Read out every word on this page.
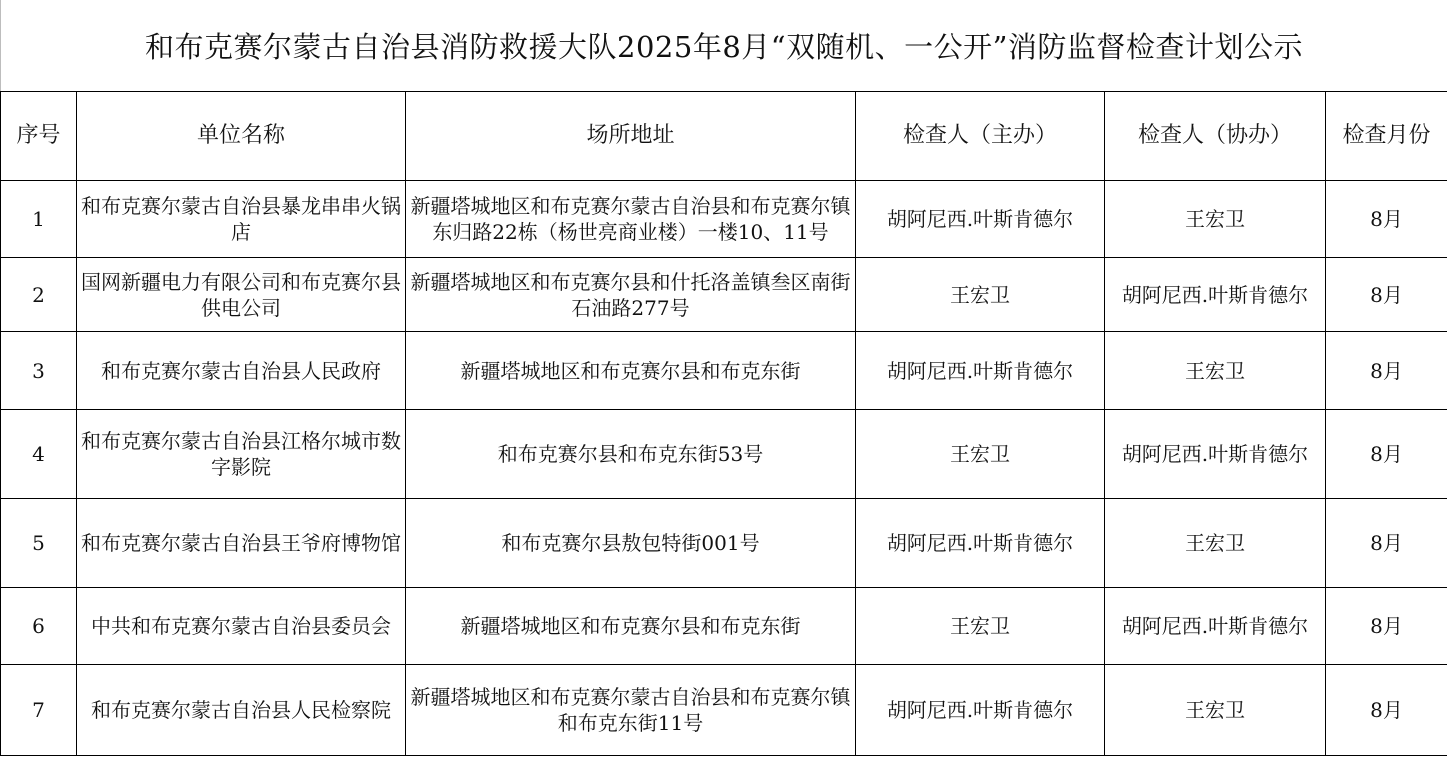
和布克赛尔蒙古自治县消防救援大队2025年8月“双随机、一公开”消防监督检查计划公示
序号	单位名称	场所地址	检查人（主办）	检查人（协办）	检查月份
1	和布克赛尔蒙古自治县暴龙串串火锅店	新疆塔城地区和布克赛尔蒙古自治县和布克赛尔镇东归路22栋（杨世亮商业楼）一楼10、11号	胡阿尼西.叶斯肯德尔	王宏卫	8月
2	国网新疆电力有限公司和布克赛尔县供电公司	新疆塔城地区和布克赛尔县和什托洛盖镇叁区南街石油路277号	王宏卫	胡阿尼西.叶斯肯德尔	8月
3	和布克赛尔蒙古自治县人民政府	新疆塔城地区和布克赛尔县和布克东街	胡阿尼西.叶斯肯德尔	王宏卫	8月
4	和布克赛尔蒙古自治县江格尔城市数字影院	和布克赛尔县和布克东街53号	王宏卫	胡阿尼西.叶斯肯德尔	8月
5	和布克赛尔蒙古自治县王爷府博物馆	和布克赛尔县敖包特街001号	胡阿尼西.叶斯肯德尔	王宏卫	8月
6	中共和布克赛尔蒙古自治县委员会	新疆塔城地区和布克赛尔县和布克东街	王宏卫	胡阿尼西.叶斯肯德尔	8月
7	和布克赛尔蒙古自治县人民检察院	新疆塔城地区和布克赛尔蒙古自治县和布克赛尔镇和布克东街11号	胡阿尼西.叶斯肯德尔	王宏卫	8月
